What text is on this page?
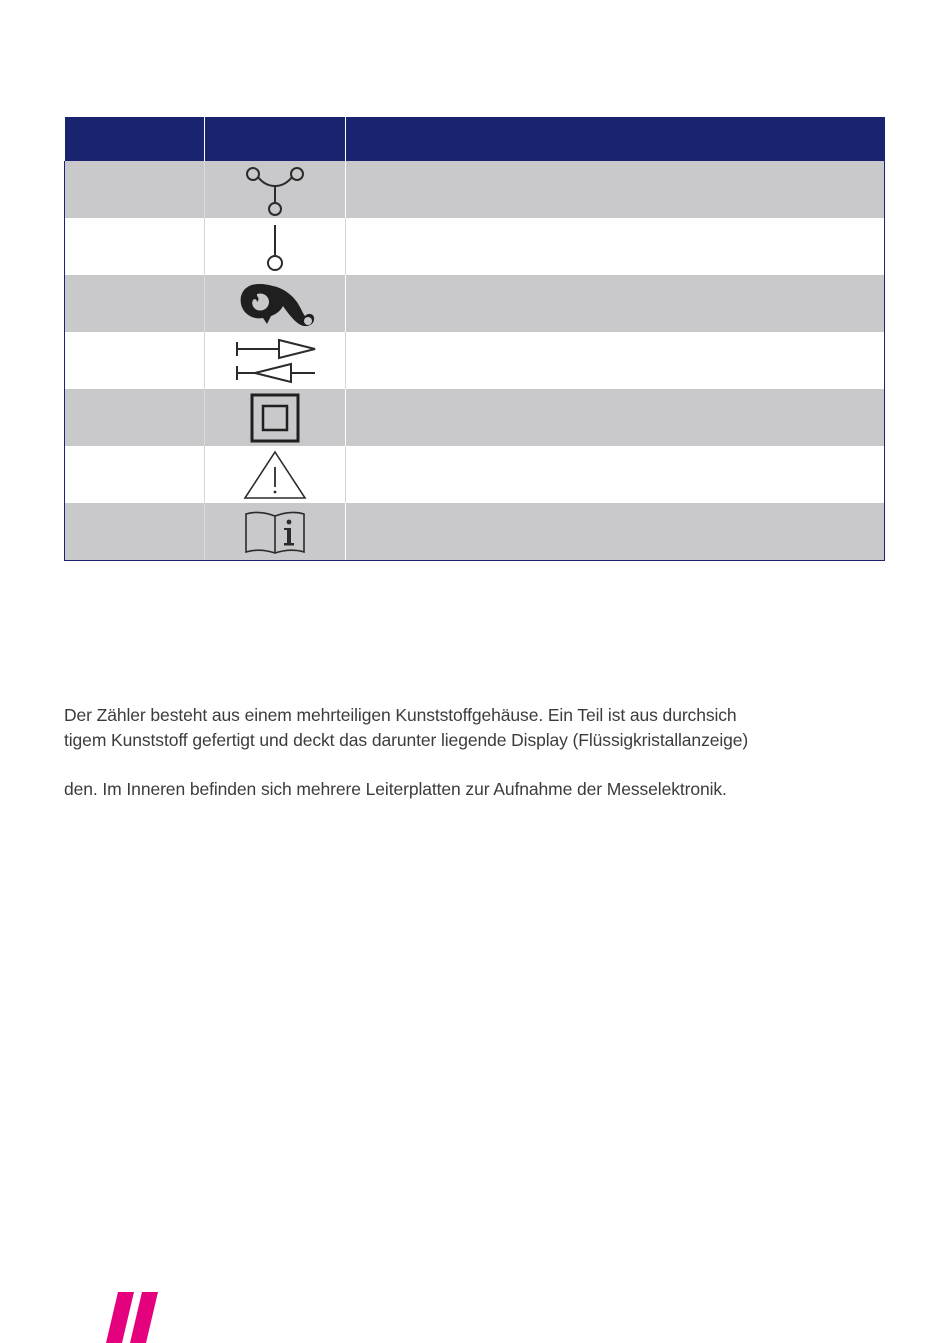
Der Zähler besteht aus einem mehrteiligen Kunststoffgehäuse. Ein Teil ist aus durchsich
tigem Kunststoff gefertigt und deckt das darunter liegende Display (Flüssigkristallanzeige)
den. Im Inneren befinden sich mehrere Leiterplatten zur Aufnahme der Messelektronik.
